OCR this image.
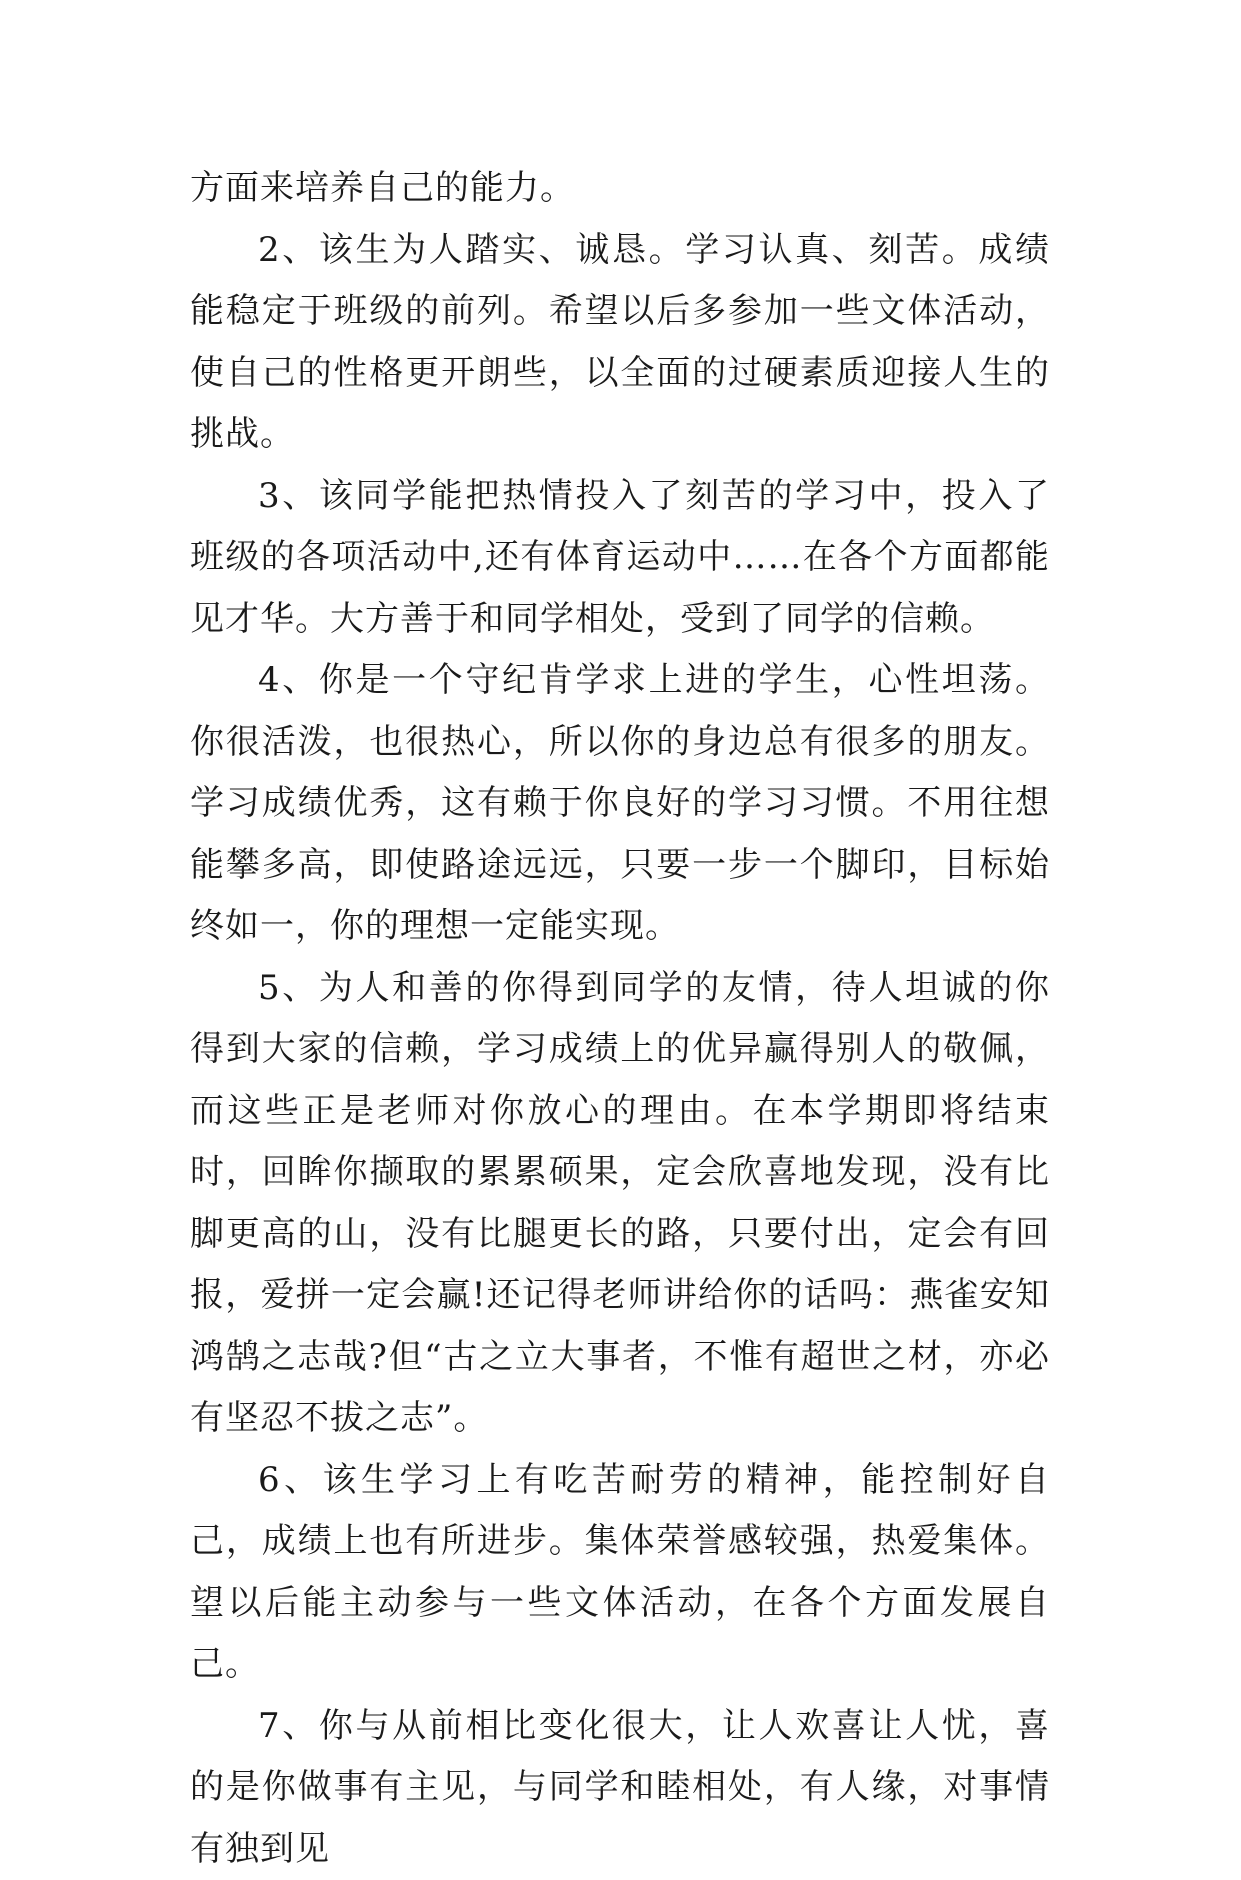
方面来培养自己的能力。

2、该生为人踏实、诚恳。学习认真、刻苦。成绩能稳定于班级的前列。希望以后多参加一些文体活动，使自己的性格更开朗些，以全面的过硬素质迎接人生的挑战。

3、该同学能把热情投入了刻苦的学习中，投入了班级的各项活动中,还有体育运动中……在各个方面都能见才华。大方善于和同学相处，受到了同学的信赖。

4、你是一个守纪肯学求上进的学生，心性坦荡。你很活泼，也很热心，所以你的身边总有很多的朋友。学习成绩优秀，这有赖于你良好的学习习惯。不用往想能攀多高，即使路途远远，只要一步一个脚印，目标始终如一，你的理想一定能实现。

5、为人和善的你得到同学的友情，待人坦诚的你得到大家的信赖，学习成绩上的优异赢得别人的敬佩，而这些正是老师对你放心的理由。在本学期即将结束时，回眸你撷取的累累硕果，定会欣喜地发现，没有比脚更高的山，没有比腿更长的路，只要付出，定会有回报，爱拼一定会赢!还记得老师讲给你的话吗：燕雀安知鸿鹄之志哉?但“古之立大事者，不惟有超世之材，亦必有坚忍不拔之志”。

6、该生学习上有吃苦耐劳的精神，能控制好自己，成绩上也有所进步。集体荣誉感较强，热爱集体。望以后能主动参与一些文体活动，在各个方面发展自己。

7、你与从前相比变化很大，让人欢喜让人忧，喜的是你做事有主见，与同学和睦相处，有人缘，对事情有独到见
